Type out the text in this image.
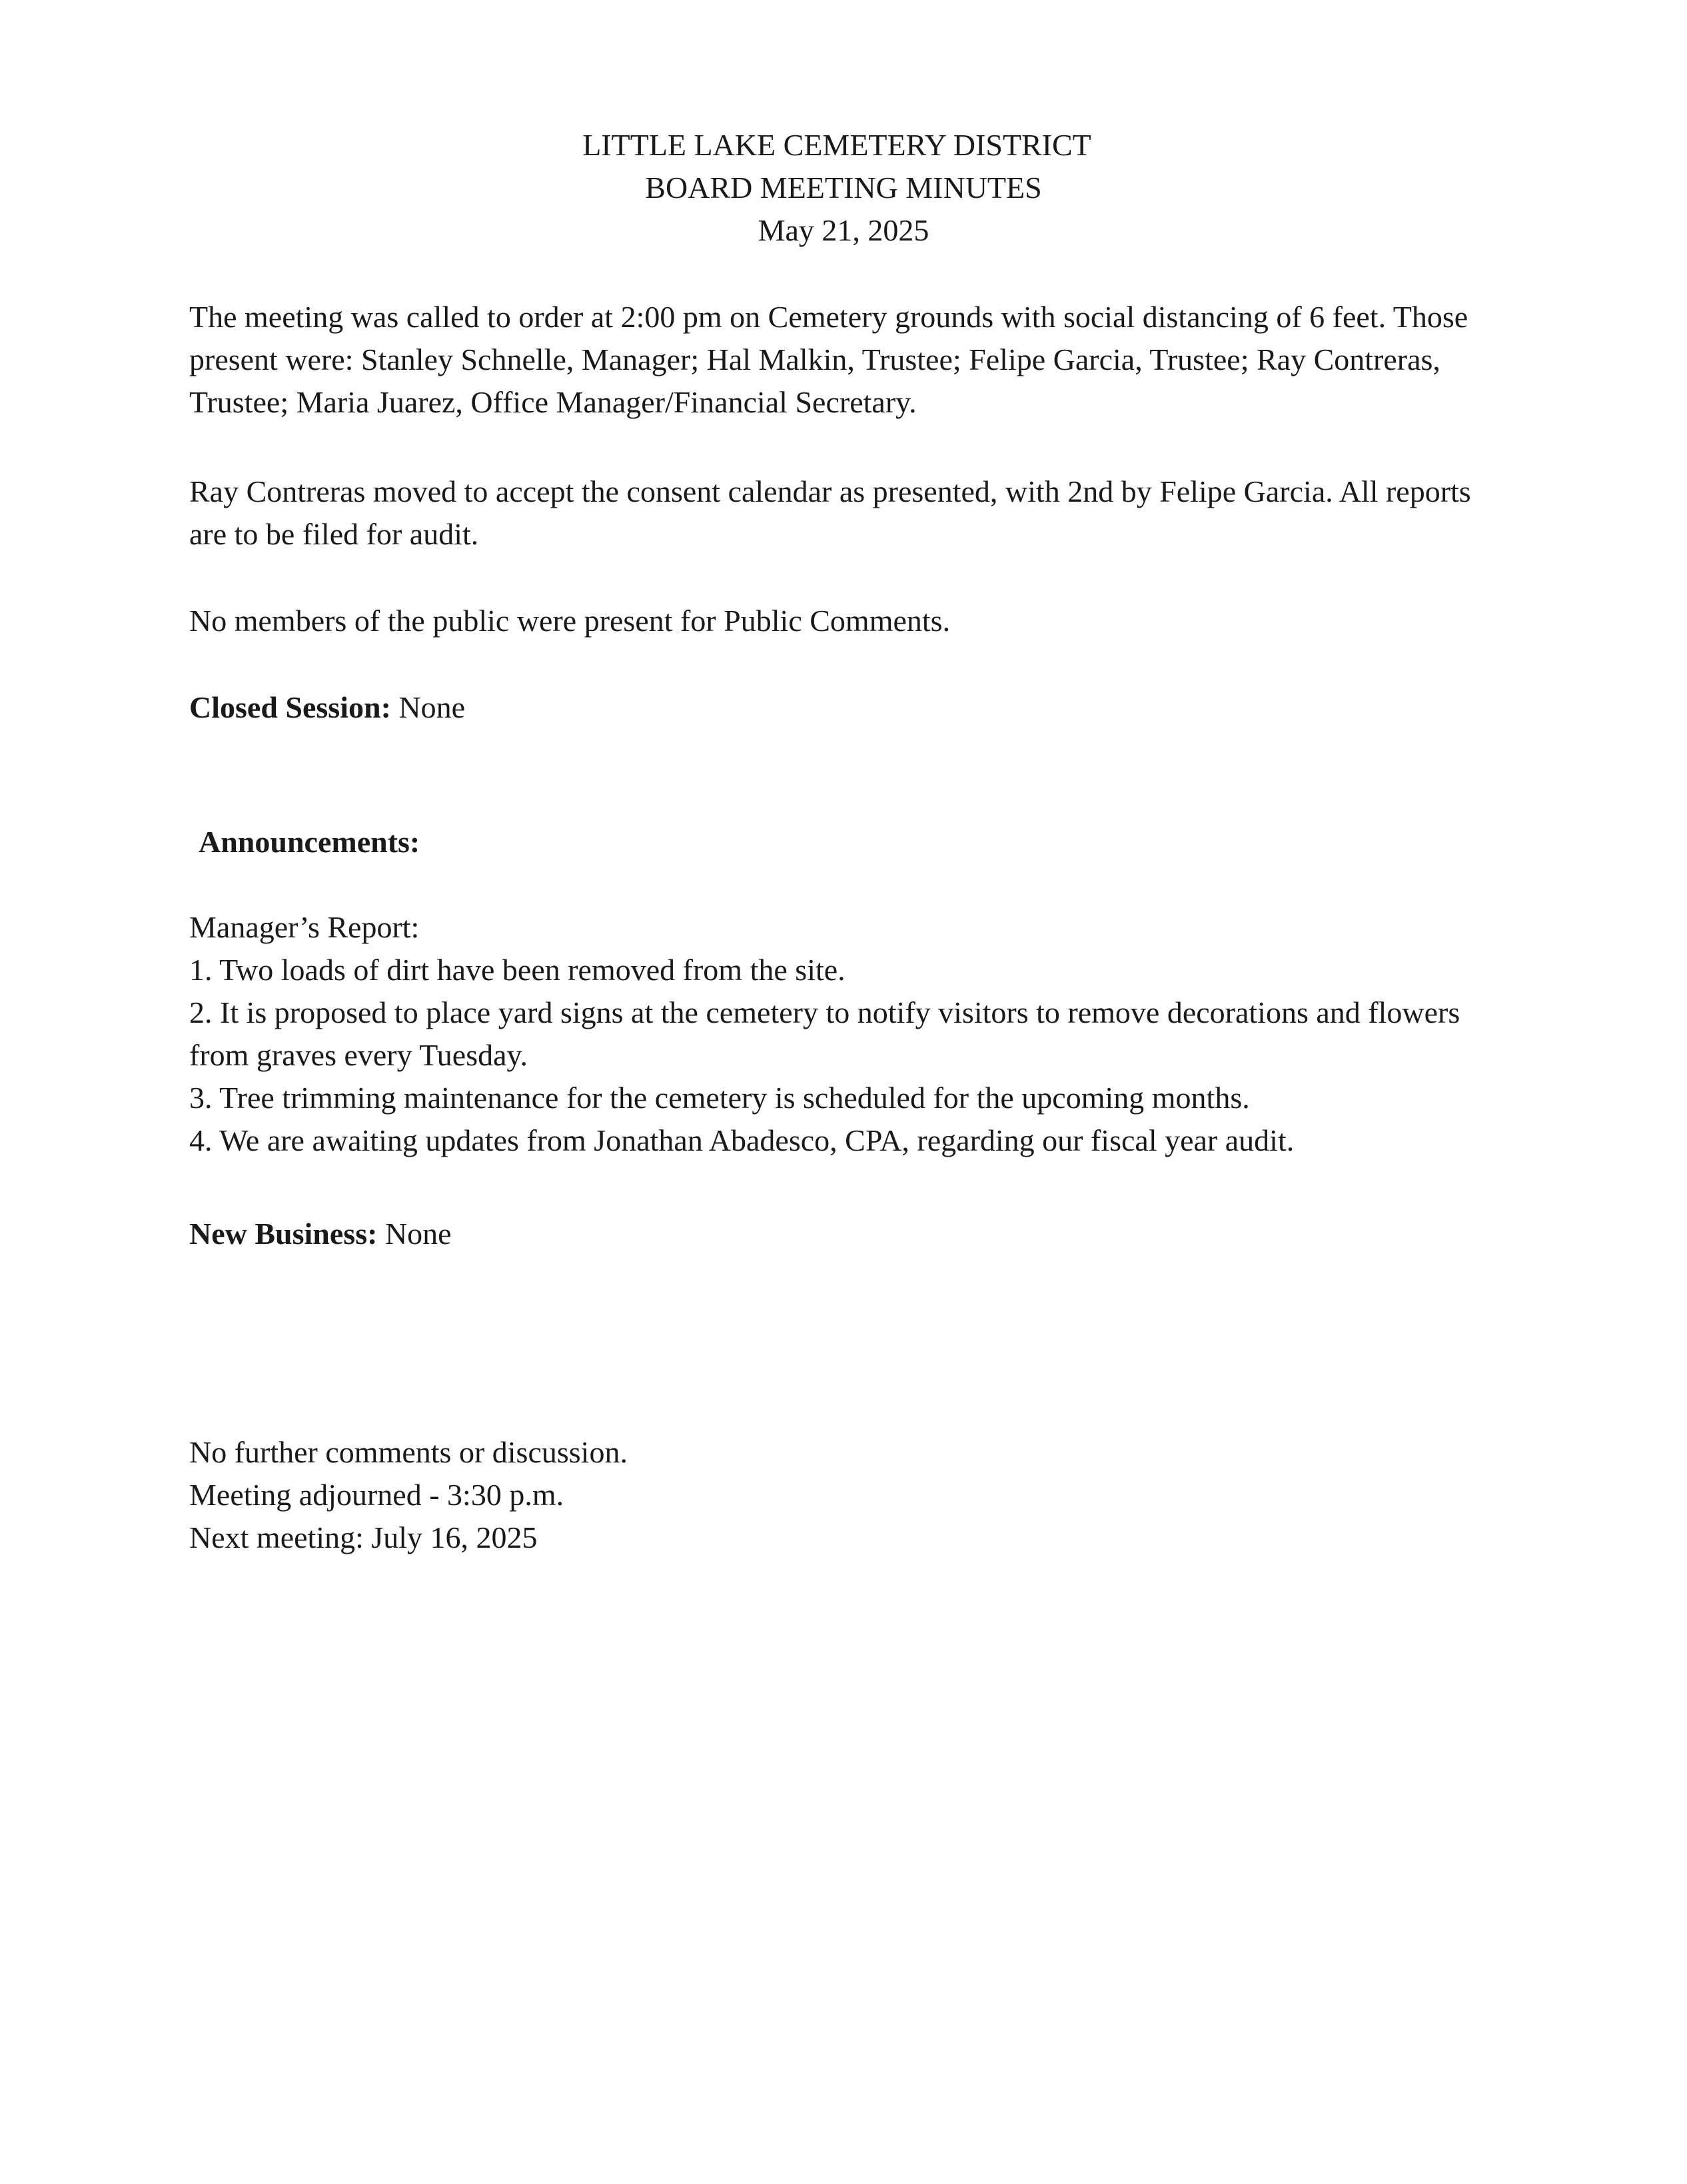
LITTLE LAKE CEMETERY DISTRICT
BOARD MEETING MINUTES
May 21, 2025
The meeting was called to order at 2:00 pm on Cemetery grounds with social distancing of 6 feet. Those present were: Stanley Schnelle, Manager; Hal Malkin, Trustee; Felipe Garcia, Trustee; Ray Contreras, Trustee; Maria Juarez, Office Manager/Financial Secretary.
Ray Contreras moved to accept the consent calendar as presented, with 2nd by Felipe Garcia. All reports are to be filed for audit.
No members of the public were present for Public Comments.
Closed Session: None
Announcements:
Manager’s Report:
1. Two loads of dirt have been removed from the site.
2. It is proposed to place yard signs at the cemetery to notify visitors to remove decorations and flowers from graves every Tuesday.
3. Tree trimming maintenance for the cemetery is scheduled for the upcoming months.
4. We are awaiting updates from Jonathan Abadesco, CPA, regarding our fiscal year audit.
New Business: None
No further comments or discussion.
Meeting adjourned - 3:30 p.m.
Next meeting: July 16, 2025
